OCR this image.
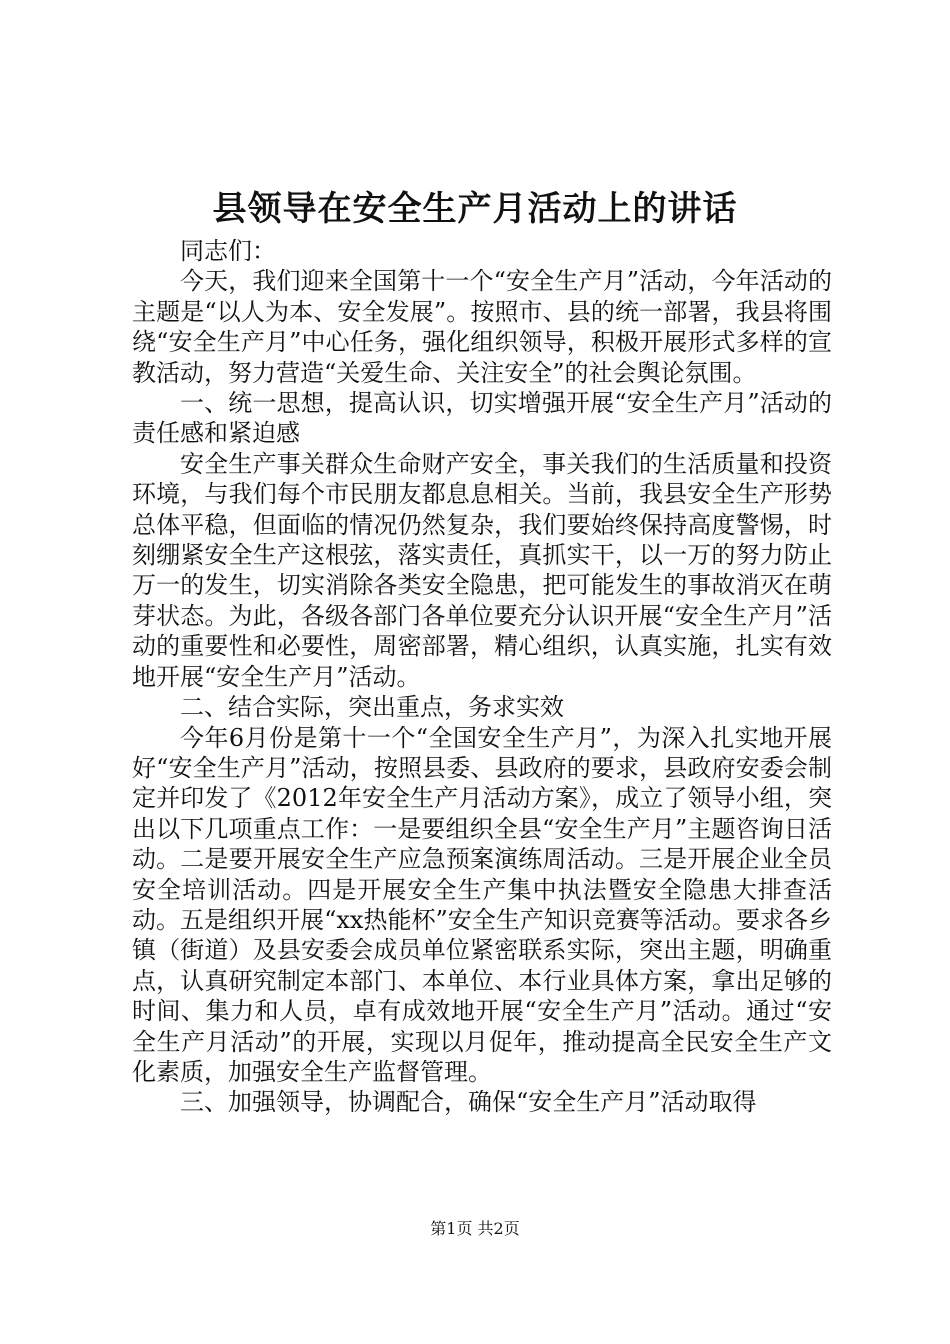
县领导在安全生产月活动上的讲话

同志们：

今天，我们迎来全国第十一个“安全生产月”活动，今年活动的主题是“以人为本、安全发展”。按照市、县的统一部署，我县将围绕“安全生产月”中心任务，强化组织领导，积极开展形式多样的宣教活动，努力营造“关爱生命、关注安全”的社会舆论氛围。

一、统一思想，提高认识，切实增强开展“安全生产月”活动的责任感和紧迫感

安全生产事关群众生命财产安全，事关我们的生活质量和投资环境，与我们每个市民朋友都息息相关。当前，我县安全生产形势总体平稳，但面临的情况仍然复杂，我们要始终保持高度警惕，时刻绷紧安全生产这根弦，落实责任，真抓实干，以一万的努力防止万一的发生，切实消除各类安全隐患，把可能发生的事故消灭在萌芽状态。为此，各级各部门各单位要充分认识开展“安全生产月”活动的重要性和必要性，周密部署，精心组织，认真实施，扎实有效地开展“安全生产月”活动。

二、结合实际，突出重点，务求实效

今年6月份是第十一个“全国安全生产月”，为深入扎实地开展好“安全生产月”活动，按照县委、县政府的要求，县政府安委会制定并印发了《2012年安全生产月活动方案》，成立了领导小组，突出以下几项重点工作：一是要组织全县“安全生产月”主题咨询日活动。二是要开展安全生产应急预案演练周活动。三是开展企业全员安全培训活动。四是开展安全生产集中执法暨安全隐患大排查活动。五是组织开展“xx热能杯”安全生产知识竞赛等活动。要求各乡镇（街道）及县安委会成员单位紧密联系实际，突出主题，明确重点，认真研究制定本部门、本单位、本行业具体方案，拿出足够的时间、集力和人员，卓有成效地开展“安全生产月”活动。通过“安全生产月活动”的开展，实现以月促年，推动提高全民安全生产文化素质，加强安全生产监督管理。

三、加强领导，协调配合，确保“安全生产月”活动取得

第1页 共2页
